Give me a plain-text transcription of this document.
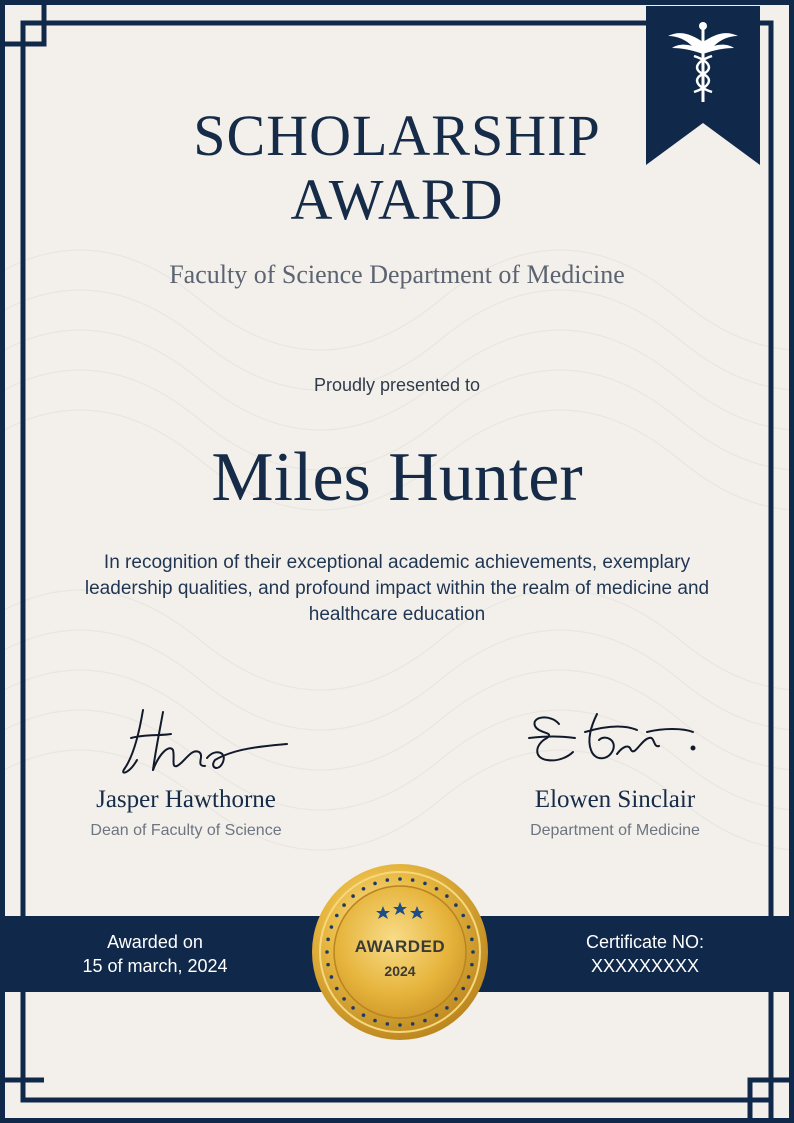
SCHOLARSHIP
AWARD
Faculty of Science Department of Medicine
Proudly presented to
Miles Hunter
In recognition of their exceptional academic achievements, exemplary leadership qualities, and profound impact within the realm of medicine and healthcare education
Jasper Hawthorne
Dean of Faculty of Science
Elowen Sinclair
Department of Medicine
Awarded on
15 of march, 2024
Certificate NO:
XXXXXXXXX
AWARDED
2024
